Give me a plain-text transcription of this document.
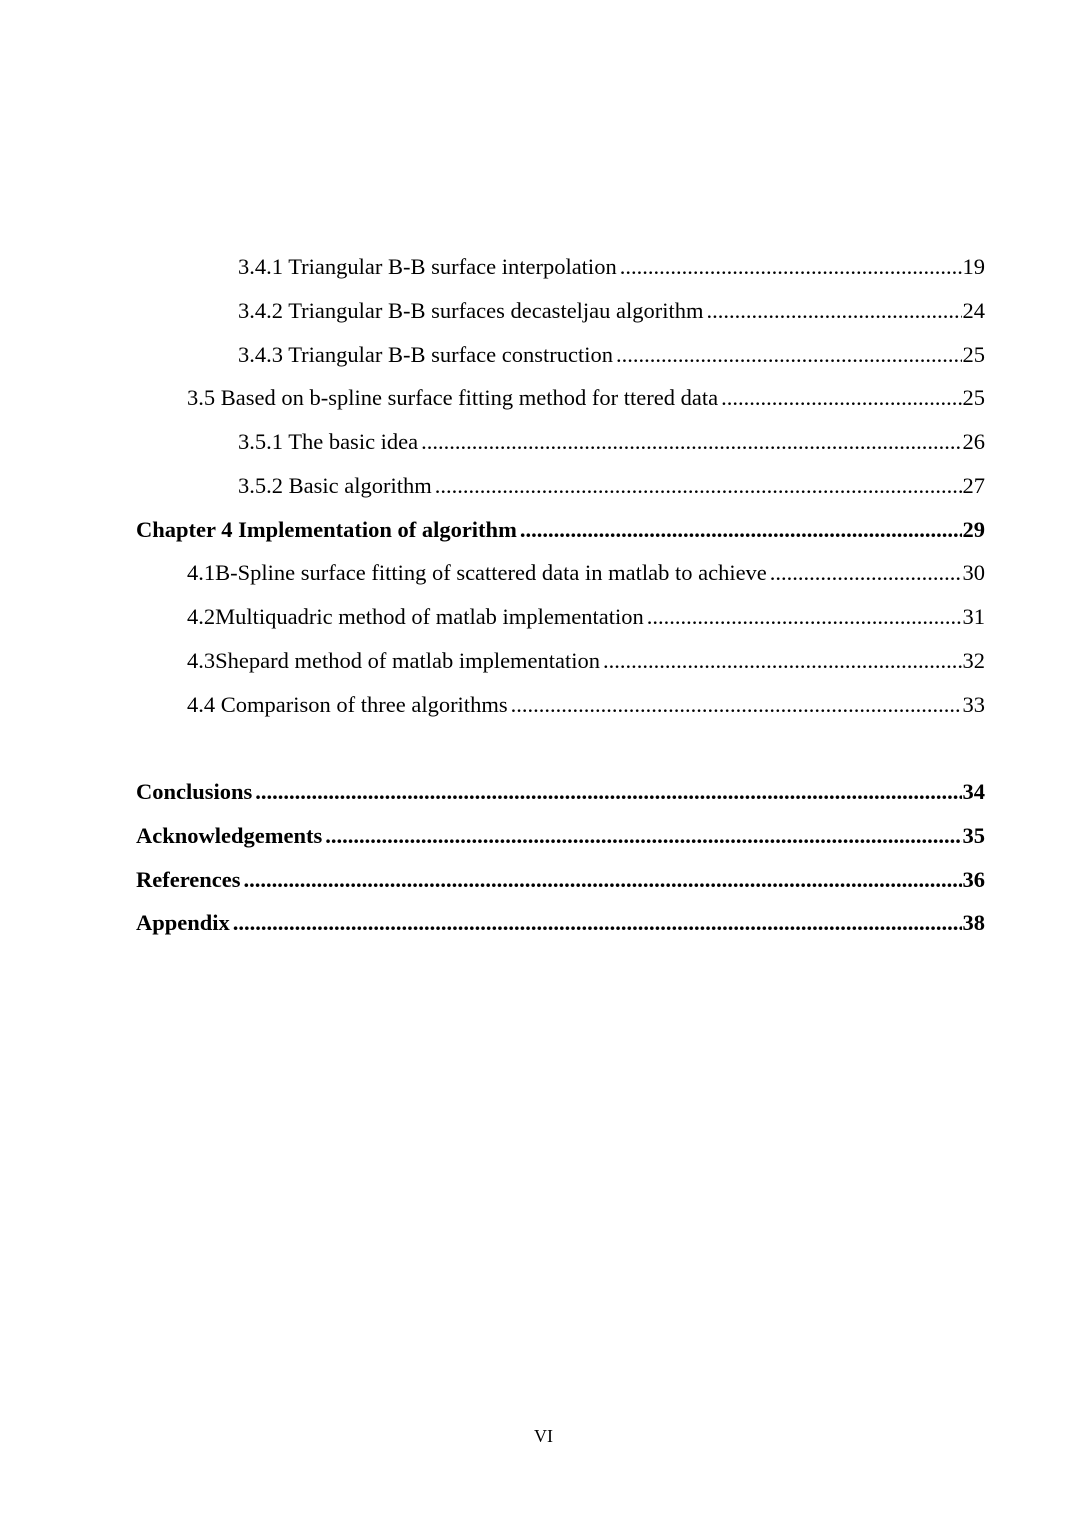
3.4.1 Triangular B-B surface interpolation .....	19
3.4.2 Triangular B-B surfaces decasteljau algorithm .....	24
3.4.3 Triangular B-B surface construction .....	25
3.5 Based on b-spline surface fitting method for ttered data .....	25
3.5.1 The basic idea .....	26
3.5.2 Basic algorithm .....	27
Chapter 4 Implementation of algorithm .....	29
4.1B-Spline surface fitting of scattered data in matlab to achieve .....	30
4.2Multiquadric method of matlab implementation .....	31
4.3Shepard method of matlab implementation .....	32
4.4 Comparison of three algorithms .....	33
Conclusions .....	34
Acknowledgements .....	35
References .....	36
Appendix .....	38
VI
